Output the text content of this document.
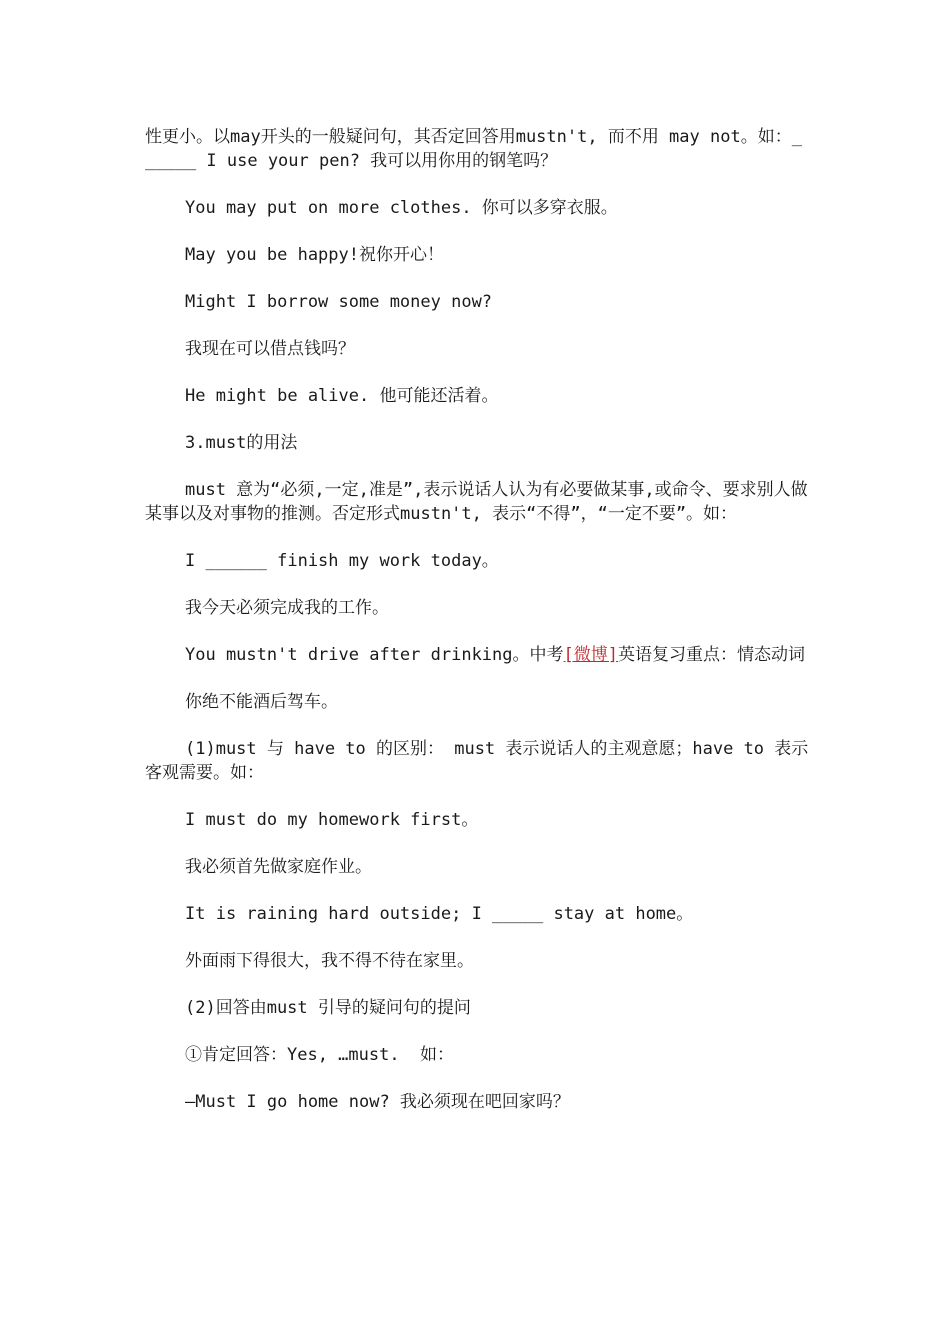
性更小。以may开头的一般疑问句，其否定回答用mustn't, 而不用 may not。如：______ I use your pen? 我可以用你用的钢笔吗？

You may put on more clothes. 你可以多穿衣服。

May you be happy!祝你开心！

Might I borrow some money now?

我现在可以借点钱吗？

He might be alive. 他可能还活着。

3.must的用法

must 意为“必须,一定,准是”,表示说话人认为有必要做某事,或命令、要求别人做某事以及对事物的推测。否定形式mustn't, 表示“不得”，“一定不要”。如：

I ______ finish my work today。

我今天必须完成我的工作。

You mustn't drive after drinking。中考[微博]英语复习重点：情态动词

你绝不能酒后驾车。

(1)must 与 have to 的区别： must 表示说话人的主观意愿；have to 表示客观需要。如：

I must do my homework first。

我必须首先做家庭作业。

It is raining hard outside; I _____ stay at home。

外面雨下得很大，我不得不待在家里。

(2)回答由must 引导的疑问句的提问

①肯定回答：Yes, …must.  如：

—Must I go home now? 我必须现在吧回家吗？
